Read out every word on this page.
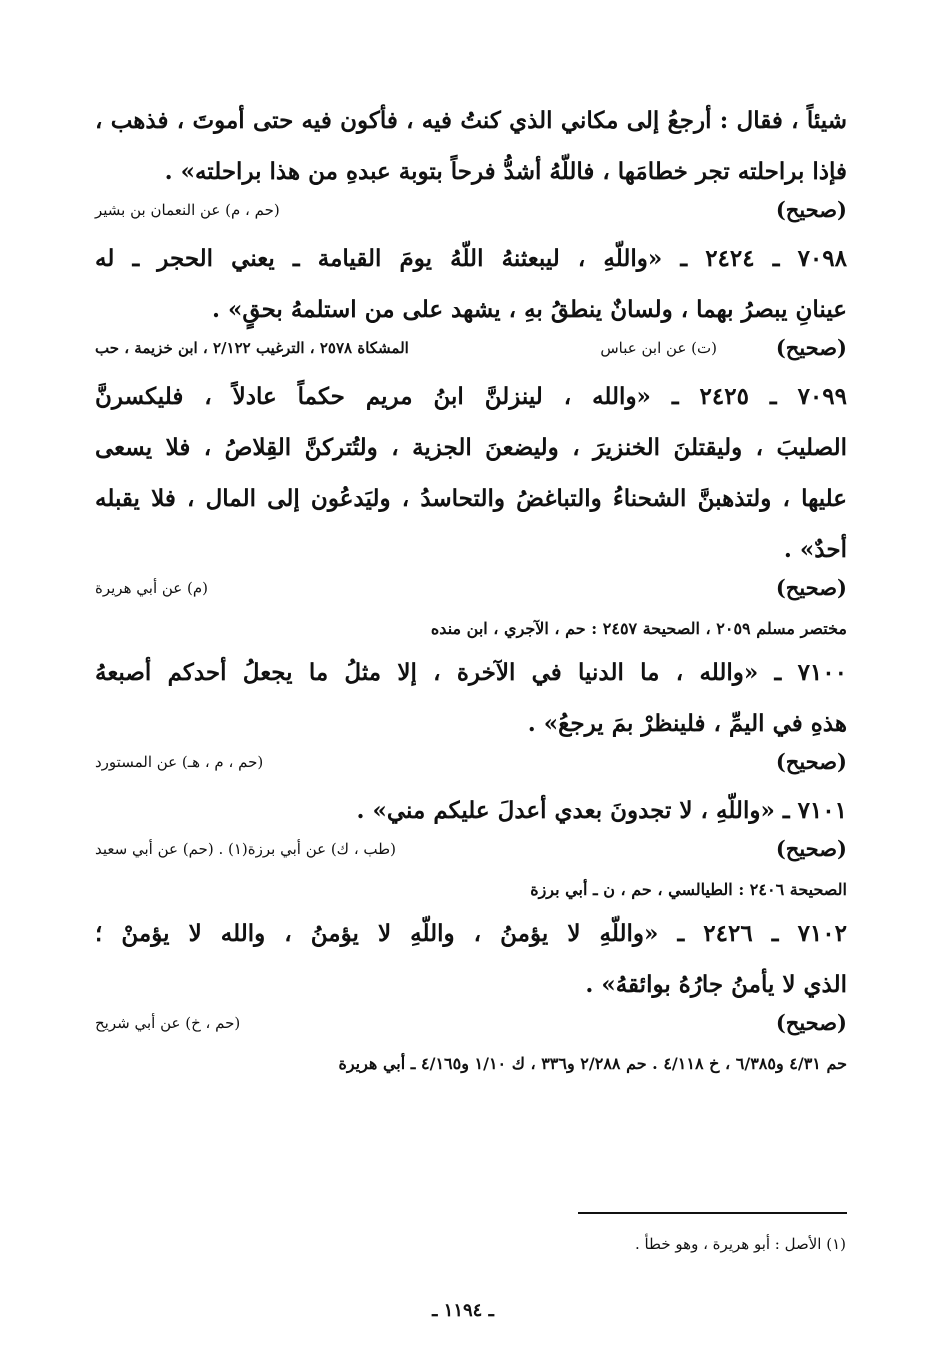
شيئاً ، فقال : أرجعُ إلى مكاني الذي كنتُ فيه ، فأكون فيه حتى أموتَ ، فذهب ،
فإذا براحلته تجر خطامَها ، فاللّهُ أشدُّ فرحاً بتوبة عبدهِ من هذا براحلته» .
(صحيح)
(حم ، م) عن النعمان بن بشير
٧٠٩٨ ـ ٢٤٢٤ ـ «واللّهِ ، ليبعثنهُ اللّهُ يومَ القيامة ـ يعني الحجر ـ له
عينانِ يبصرُ بهما ، ولسانٌ ينطقُ بهِ ، يشهد على من استلمهُ بحقٍ» .
(صحيح)
(ت) عن ابن عباس
المشكاة ٢٥٧٨ ، الترغيب ٢/١٢٢ ، ابن خزيمة ، حب
٧٠٩٩ ـ ٢٤٢٥ ـ «والله ، لينزلنَّ ابنُ مريم حكماً عادلاً ، فليكسرنَّ
الصليبَ ، وليقتلنَ الخنزيرَ ، وليضعنَ الجزية ، ولتُتركنَّ القِلاصُ ، فلا يسعى
عليها ، ولتذهبنَّ الشحناءُ والتباغضُ والتحاسدُ ، وليَدعُون إلى المال ، فلا يقبله
أحدٌ» .
(صحيح)
(م) عن أبي هريرة
مختصر مسلم ٢٠٥٩ ، الصحيحة ٢٤٥٧ : حم ، الآجري ، ابن منده
٧١٠٠ ـ «والله ، ما الدنيا في الآخرة ، إلا مثلُ ما يجعلُ أحدكم أصبعهُ
هذهِ في اليمِّ ، فلينظرْ بمَ يرجعُ» .
(صحيح)
(حم ، م ، هـ) عن المستورد
٧١٠١ ـ «واللّهِ ، لا تجدونَ بعدي أعدلَ عليكم مني» .
(صحيح)
(طب ، ك) عن أبي برزة(١) . (حم) عن أبي سعيد
الصحيحة ٢٤٠٦ : الطيالسي ، حم ، ن ـ أبي برزة
٧١٠٢ ـ ٢٤٢٦ ـ «واللّهِ لا يؤمنُ ، واللّهِ لا يؤمنُ ، والله لا يؤمنْ ؛
الذي لا يأمنُ جارُهُ بوائقهُ» .
(صحيح)
(حم ، خ) عن أبي شريح
حم ٤/٣١ و٦/٣٨٥ ، خ ٤/١١٨ . حم ٢/٢٨٨ و٣٣٦ ، ك ١/١٠ و٤/١٦٥ ـ أبي هريرة
(١) الأصل : أبو هريرة ، وهو خطأ .
ـ ١١٩٤ ـ
